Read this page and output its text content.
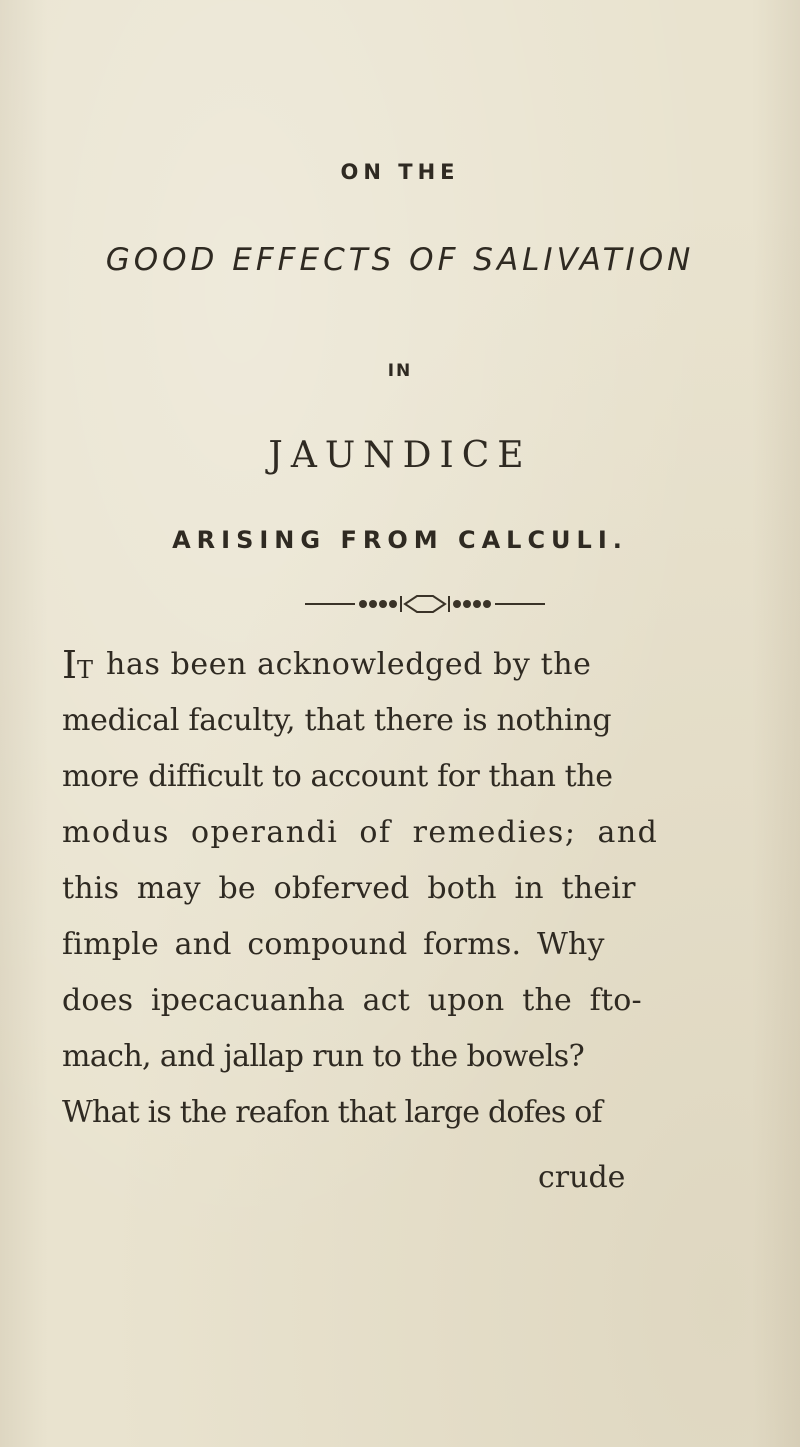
ON THE
GOOD EFFECTS OF SALIVATION
IN
JAUNDICE
ARISING FROM CALCULI.
IT has been acknowledged by the
medical faculty, that there is nothing
more difficult to account for than the
modus operandi of remedies; and
this may be obferved both in their
fimple and compound forms. Why
does ipecacuanha act upon the fto-
mach, and jallap run to the bowels?
What is the reafon that large dofes of
crude
